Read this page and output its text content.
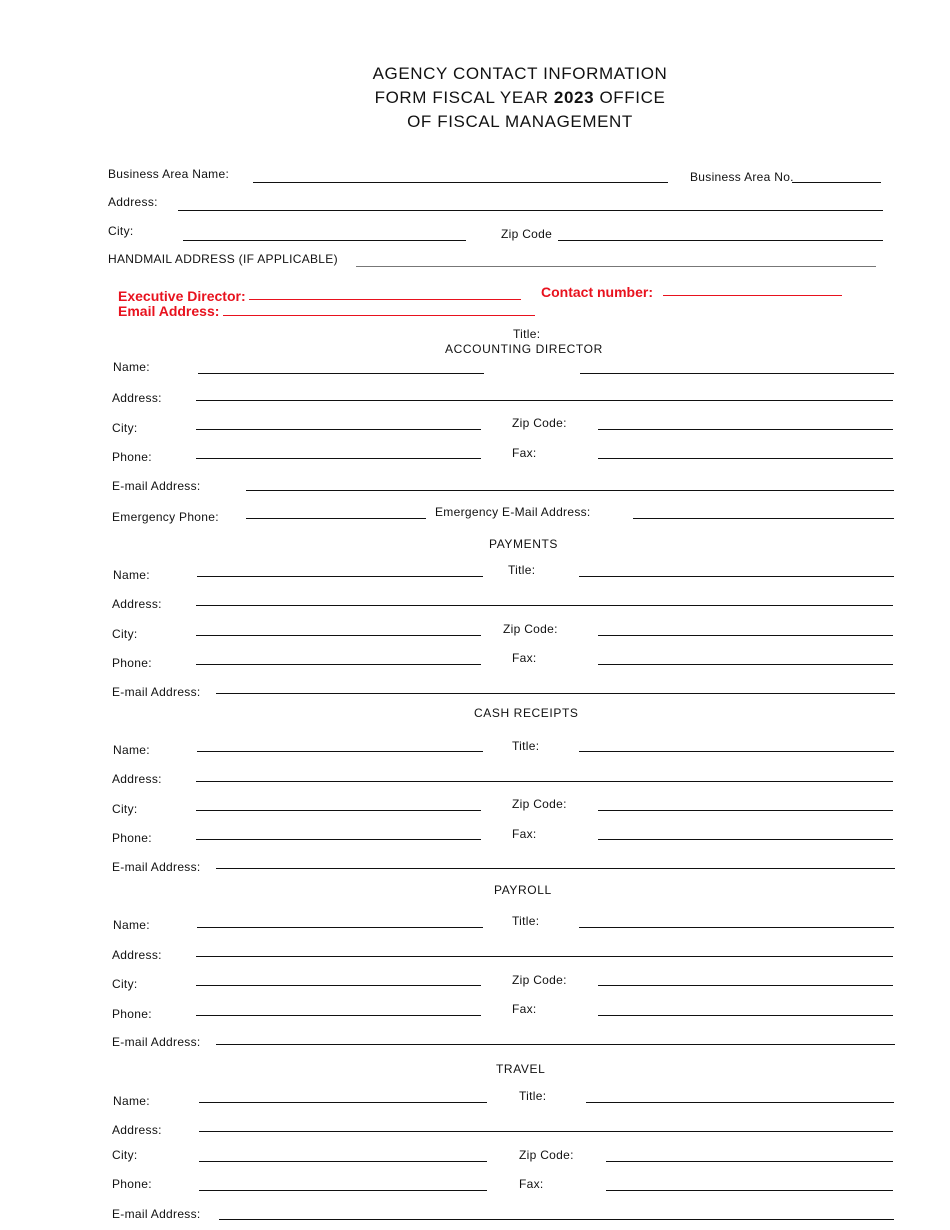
AGENCY CONTACT INFORMATION
FORM FISCAL YEAR 2023 OFFICE
OF FISCAL MANAGEMENT
Business Area Name:	Business Area No.
Address:
City:	Zip Code
HANDMAIL ADDRESS (IF APPLICABLE)
Executive Director:	Contact number:
Email Address:
Title:
ACCOUNTING DIRECTOR
Name:
Address:
City:	Zip Code:
Phone:	Fax:
E-mail Address:
Emergency Phone:	Emergency E-Mail Address:
PAYMENTS
Name:	Title:
Address:
City:	Zip Code:
Phone:	Fax:
E-mail Address:
CASH RECEIPTS
Name:	Title:
Address:
City:	Zip Code:
Phone:	Fax:
E-mail Address:
PAYROLL
Name:	Title:
Address:
City:	Zip Code:
Phone:	Fax:
E-mail Address:
TRAVEL
Name:	Title:
Address:
City:	Zip Code:
Phone:	Fax:
E-mail Address:
